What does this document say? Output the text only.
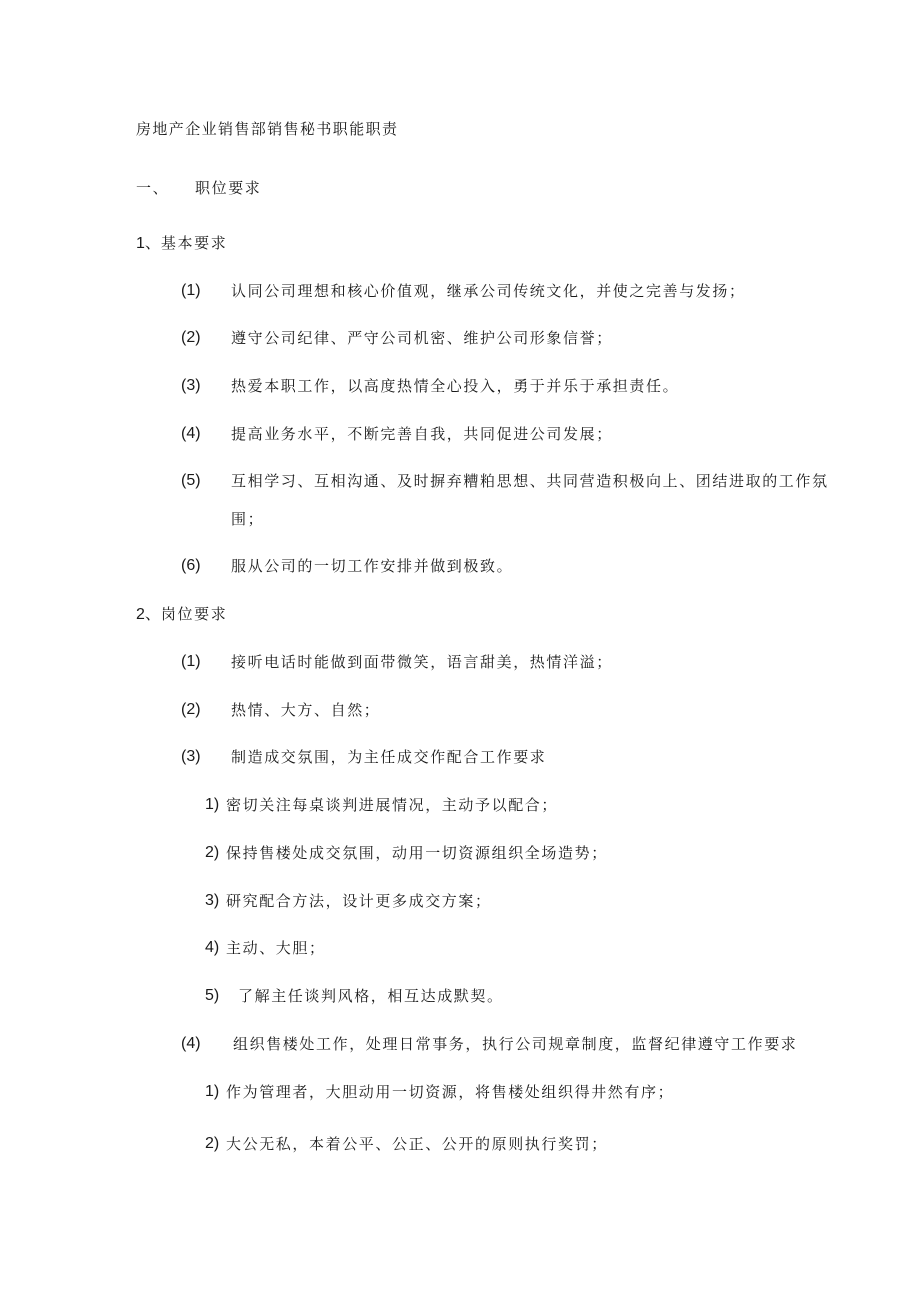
房地产企业销售部销售秘书职能职责
一、 职位要求
1、基本要求
(1) 认同公司理想和核心价值观，继承公司传统文化，并使之完善与发扬；
(2) 遵守公司纪律、严守公司机密、维护公司形象信誉；
(3) 热爱本职工作，以高度热情全心投入，勇于并乐于承担责任。
(4) 提高业务水平，不断完善自我，共同促进公司发展；
(5) 互相学习、互相沟通、及时摒弃糟粕思想、共同营造积极向上、团结进取的工作氛
围；
(6) 服从公司的一切工作安排并做到极致。
2、岗位要求
(1) 接听电话时能做到面带微笑，语言甜美，热情洋溢；
(2) 热情、大方、自然；
(3) 制造成交氛围，为主任成交作配合工作要求
1) 密切关注每桌谈判进展情况，主动予以配合；
2) 保持售楼处成交氛围，动用一切资源组织全场造势；
3) 研究配合方法，设计更多成交方案；
4) 主动、大胆；
5) 了解主任谈判风格，相互达成默契。
(4) 组织售楼处工作，处理日常事务，执行公司规章制度，监督纪律遵守工作要求
1) 作为管理者，大胆动用一切资源，将售楼处组织得井然有序；
2) 大公无私，本着公平、公正、公开的原则执行奖罚；
